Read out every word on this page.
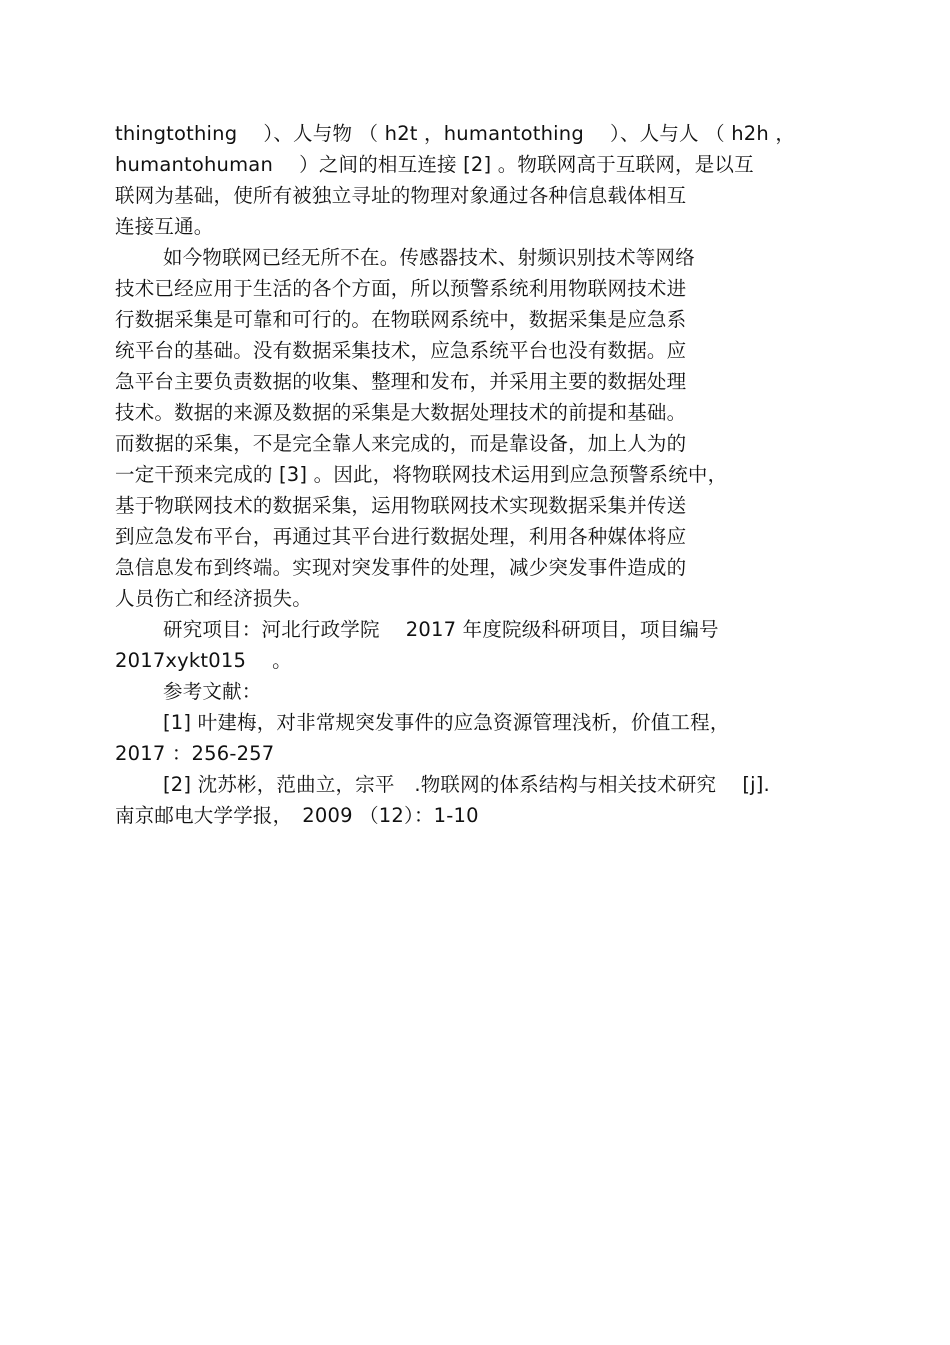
thingtothing　 ）、人与物 （ h2t ，humantothing　 ）、人与人 （ h2h ，
humantohuman　 ）之间的相互连接 [2] 。物联网高于互联网，是以互
联网为基础，使所有被独立寻址的物理对象通过各种信息载体相互
连接互通。
如今物联网已经无所不在。传感器技术、射频识别技术等网络
技术已经应用于生活的各个方面，所以预警系统利用物联网技术进
行数据采集是可靠和可行的。在物联网系统中，数据采集是应急系
统平台的基础。没有数据采集技术，应急系统平台也没有数据。应
急平台主要负责数据的收集、整理和发布，并采用主要的数据处理
技术。数据的来源及数据的采集是大数据处理技术的前提和基础。
而数据的采集，不是完全靠人来完成的，而是靠设备，加上人为的
一定干预来完成的 [3] 。因此，将物联网技术运用到应急预警系统中，
基于物联网技术的数据采集，运用物联网技术实现数据采集并传送
到应急发布平台，再通过其平台进行数据处理，利用各种媒体将应
急信息发布到终端。实现对突发事件的处理，减少突发事件造成的
人员伤亡和经济损失。
研究项目：河北行政学院　 2017 年度院级科研项目，项目编号
2017xykt015　 。
参考文献：
[1] 叶建梅，对非常规突发事件的应急资源管理浅析，价值工程，
2017 ：256-257
[2] 沈苏彬，范曲立，宗平　.物联网的体系结构与相关技术研究　 [j].
南京邮电大学学报，　2009 （12）：1-10
